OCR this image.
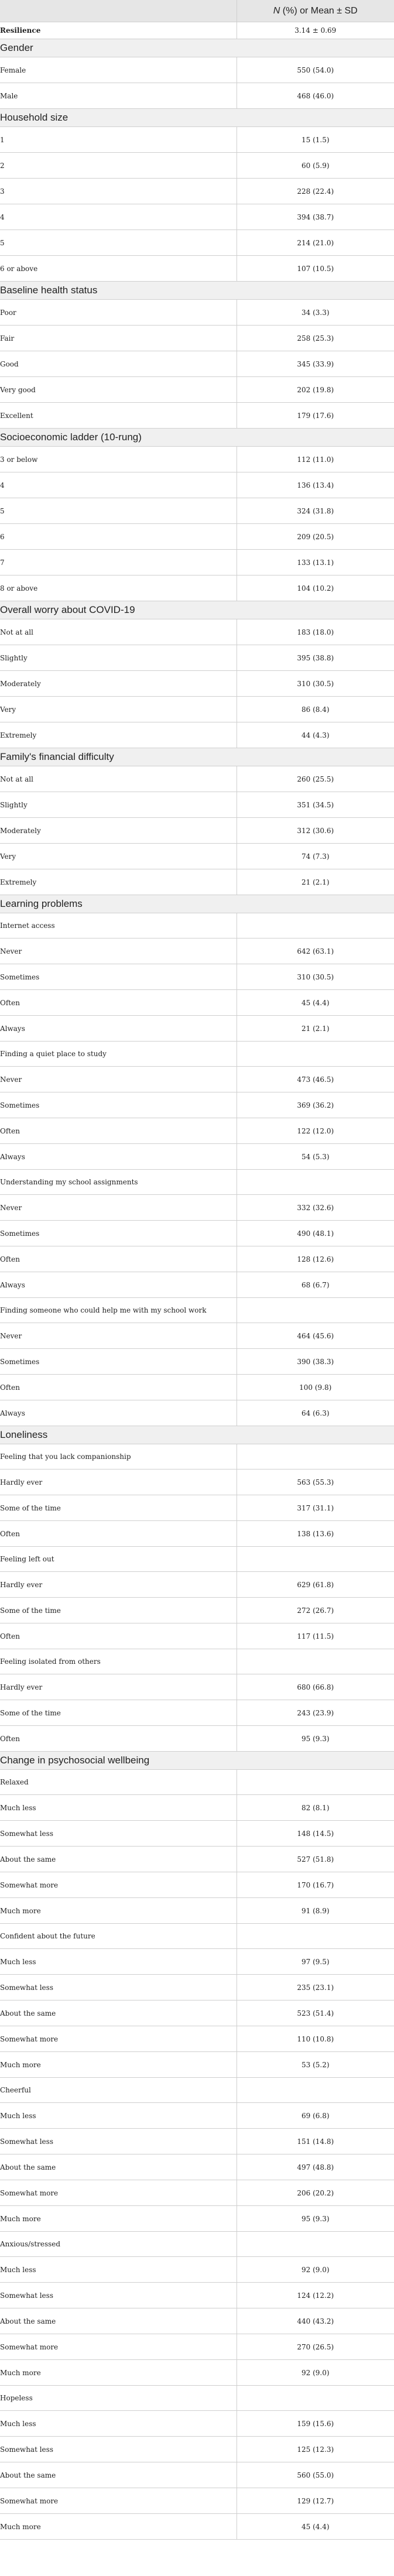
	N (%) or Mean ± SD
Resilience	3.14 ± 0.69
Gender	
Female	550 (54.0)
Male	468 (46.0)
Household size	
1	15 (1.5)
2	60 (5.9)
3	228 (22.4)
4	394 (38.7)
5	214 (21.0)
6 or above	107 (10.5)
Baseline health status	
Poor	34 (3.3)
Fair	258 (25.3)
Good	345 (33.9)
Very good	202 (19.8)
Excellent	179 (17.6)
Socioeconomic ladder (10-rung)	
3 or below	112 (11.0)
4	136 (13.4)
5	324 (31.8)
6	209 (20.5)
7	133 (13.1)
8 or above	104 (10.2)
Overall worry about COVID-19	
Not at all	183 (18.0)
Slightly	395 (38.8)
Moderately	310 (30.5)
Very	86 (8.4)
Extremely	44 (4.3)
Family's financial difficulty	
Not at all	260 (25.5)
Slightly	351 (34.5)
Moderately	312 (30.6)
Very	74 (7.3)
Extremely	21 (2.1)
Learning problems	
Internet access	
Never	642 (63.1)
Sometimes	310 (30.5)
Often	45 (4.4)
Always	21 (2.1)
Finding a quiet place to study	
Never	473 (46.5)
Sometimes	369 (36.2)
Often	122 (12.0)
Always	54 (5.3)
Understanding my school assignments	
Never	332 (32.6)
Sometimes	490 (48.1)
Often	128 (12.6)
Always	68 (6.7)
Finding someone who could help me with my school work	
Never	464 (45.6)
Sometimes	390 (38.3)
Often	100 (9.8)
Always	64 (6.3)
Loneliness	
Feeling that you lack companionship	
Hardly ever	563 (55.3)
Some of the time	317 (31.1)
Often	138 (13.6)
Feeling left out	
Hardly ever	629 (61.8)
Some of the time	272 (26.7)
Often	117 (11.5)
Feeling isolated from others	
Hardly ever	680 (66.8)
Some of the time	243 (23.9)
Often	95 (9.3)
Change in psychosocial wellbeing	
Relaxed	
Much less	82 (8.1)
Somewhat less	148 (14.5)
About the same	527 (51.8)
Somewhat more	170 (16.7)
Much more	91 (8.9)
Confident about the future	
Much less	97 (9.5)
Somewhat less	235 (23.1)
About the same	523 (51.4)
Somewhat more	110 (10.8)
Much more	53 (5.2)
Cheerful	
Much less	69 (6.8)
Somewhat less	151 (14.8)
About the same	497 (48.8)
Somewhat more	206 (20.2)
Much more	95 (9.3)
Anxious/stressed	
Much less	92 (9.0)
Somewhat less	124 (12.2)
About the same	440 (43.2)
Somewhat more	270 (26.5)
Much more	92 (9.0)
Hopeless	
Much less	159 (15.6)
Somewhat less	125 (12.3)
About the same	560 (55.0)
Somewhat more	129 (12.7)
Much more	45 (4.4)
